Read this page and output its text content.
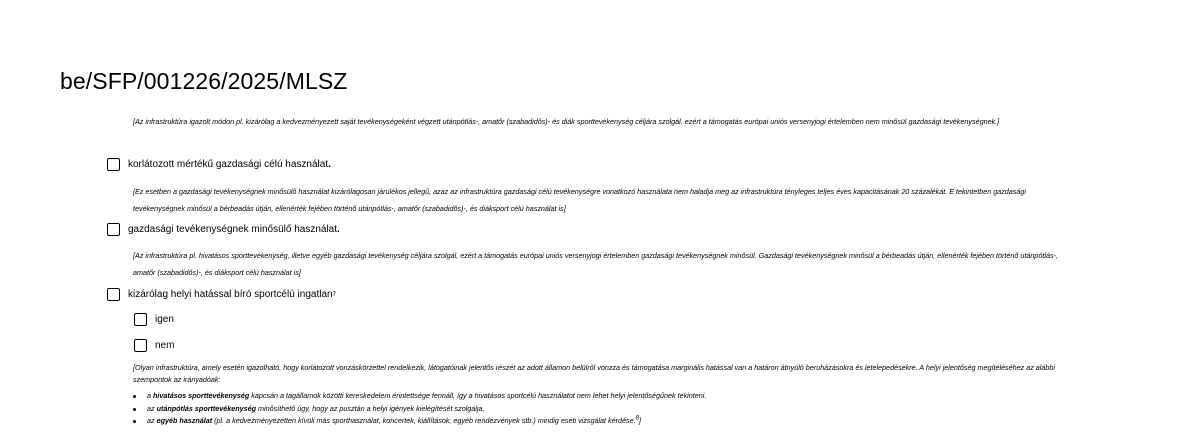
be/SFP/001226/2025/MLSZ
[Az infrastruktúra igazolt módon pl. kizárólag a kedvezményezett saját tevékenységeként végzett utánpótlás-, amatőr (szabadidős)- és diák sporttevékenység céljára szolgál, ezért a támogatás európai uniós versenyjogi értelemben nem minősül gazdasági tevékenységnek.]
korlátozott mértékű gazdasági célú használat .
[Ez esetben a gazdasági tevékenységnek minősülő használat kizárólagosan járulékos jellegű, azaz az infrastruktúra gazdasági célú tevékenységre vonatkozó használata nem haladja meg az infrastruktúra tényleges teljes éves kapacitásának 20 százalékát. E tekintetben gazdasági tevékenységnek minősül a bérbeadás útján, ellenérték fejében történő utánpótlás-, amatőr (szabadidős)-, és diáksport célú használat is]
gazdasági tevékenységnek minősülő használat .
[Az infrastruktúra pl. hivatásos sporttevékenység, illetve egyéb gazdasági tevékenység céljára szolgál, ezért a támogatás európai uniós versenyjogi értelemben gazdasági tevékenységnek minősül. Gazdasági tevékenységnek minősül a bérbeadás útján, ellenérték fejében történő utánpótlás-, amatőr (szabadidős)-, és diáksport célú használat is]
kizárólag helyi hatással bíró sportcélú ingatlan 7
igen
nem
[Olyan infrastruktúra, amely esetén igazolható, hogy korlátozott vonzáskörzettel rendelkezik, látogatóinak jelentős részét az adott államon belülről vonzza és támogatása marginális hatással van a határon átnyúló beruházásokra és letelepedésekre. A helyi jelentőség megítéléséhez az alábbi szempontok az irányadóak:
a hivatásos sporttevékenység kapcsán a tagállamok közötti kereskedelem érintettsége fennáll, így a hivatásos sportcélú használatot nem lehet helyi jelentőségűnek tekinteni.
az utánpótlás sporttevékenység minősíthető úgy, hogy az pusztán a helyi igények kielégítését szolgálja,
az egyéb használat (pl. a kedvezményezetten kívüli más sporthasználat, koncertek, kiállítások, egyéb rendezvények stb.) mindig eseti vizsgálat kérdése.$^8$]
